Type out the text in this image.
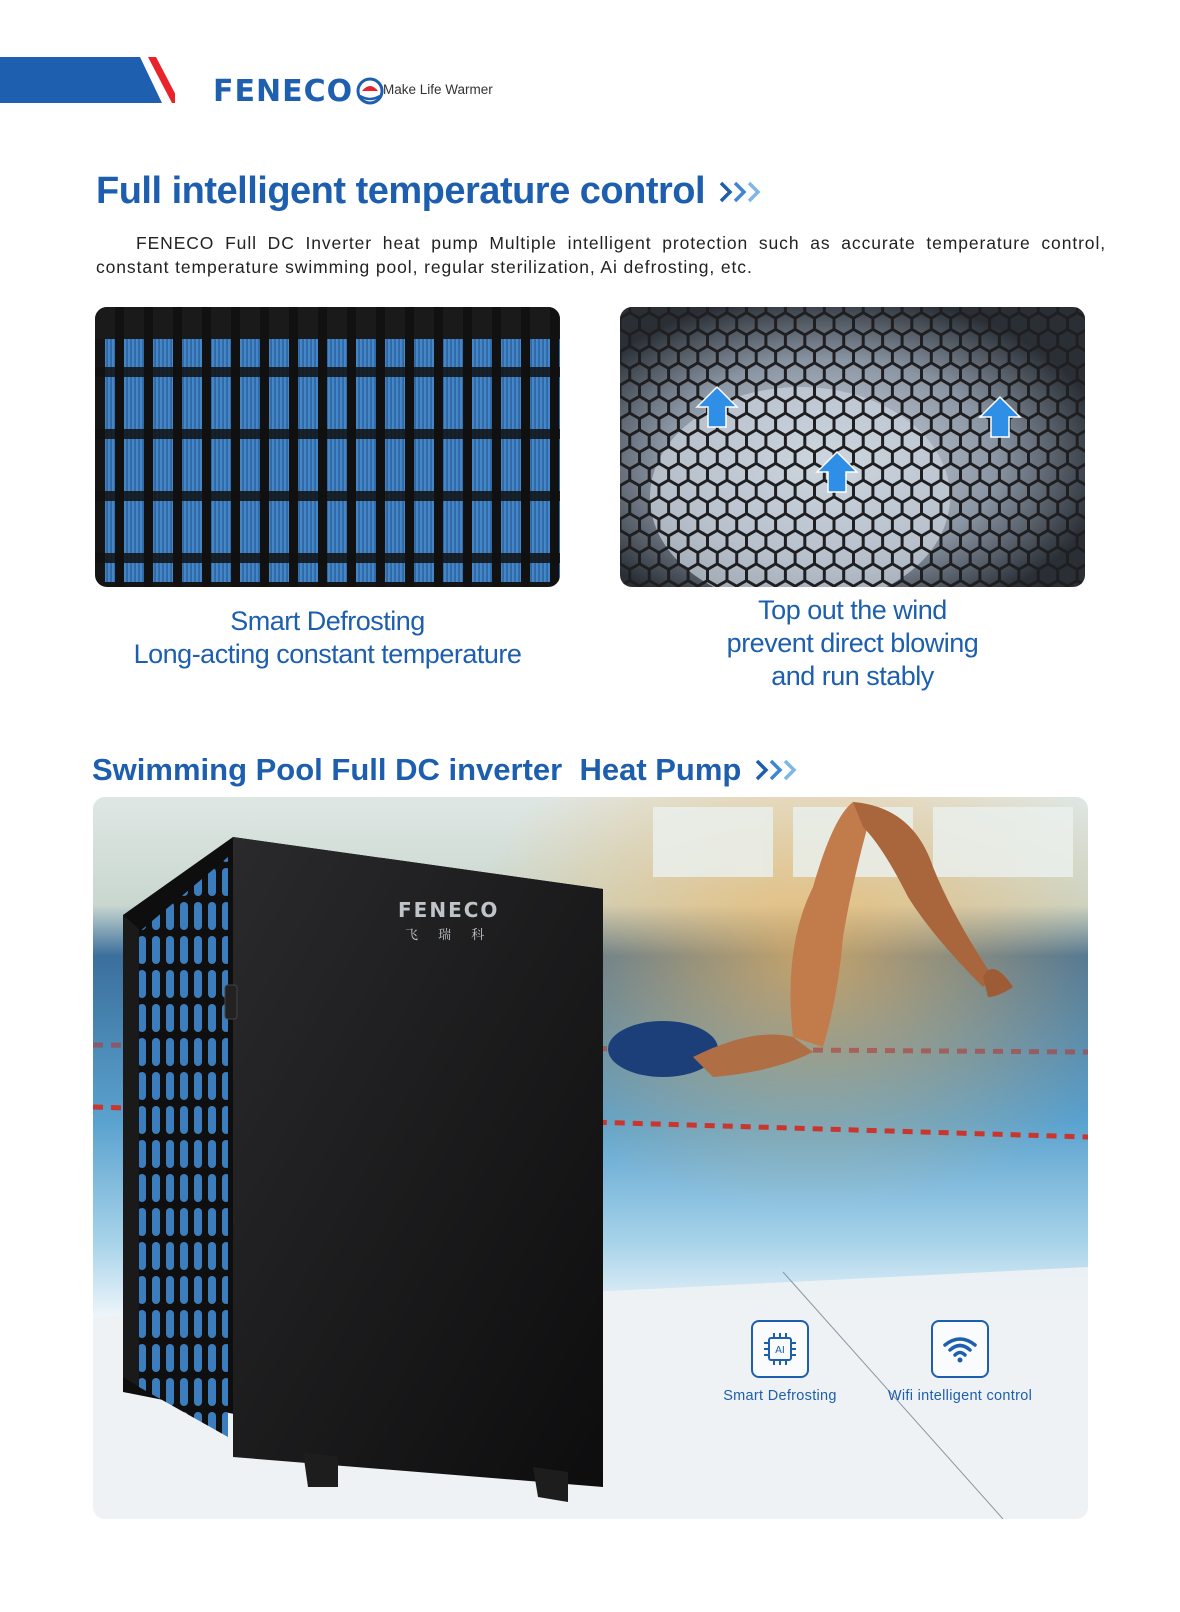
FENECO Make Life Warmer
Full intelligent temperature control

FENECO Full DC Inverter heat pump Multiple intelligent protection such as accurate temperature control, constant temperature swimming pool, regular sterilization, Ai defrosting, etc.

Smart Defrosting
Long-acting constant temperature
Top out the wind
prevent direct blowing
and run stably
Swimming Pool Full DC inverter  Heat Pump
FENECO
飞 瑞 科
AI
Smart Defrosting	Wifi intelligent control
